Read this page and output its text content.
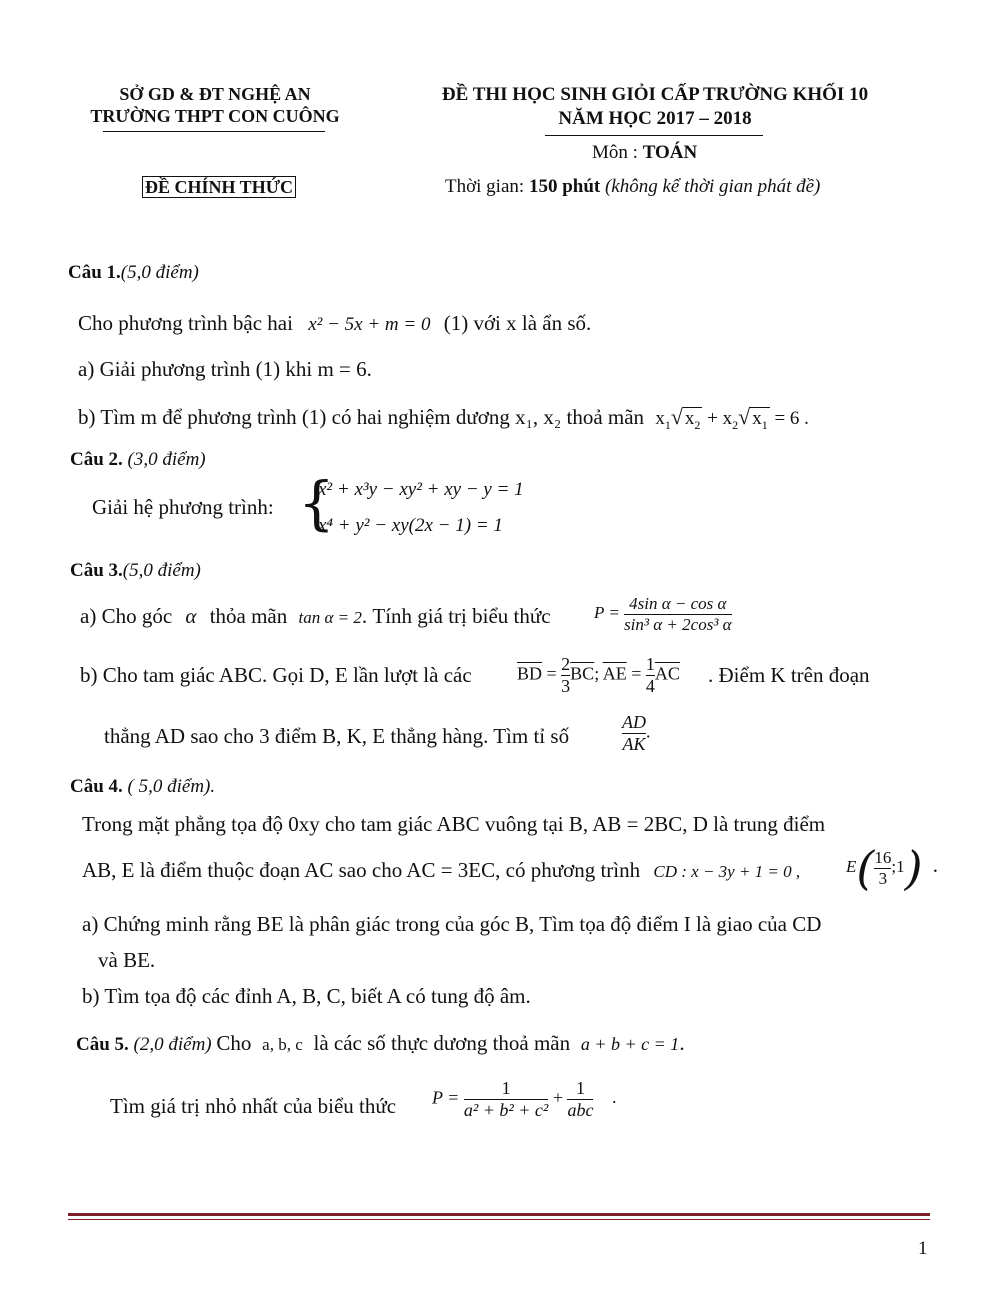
SỞ GD & ĐT NGHỆ AN
TRƯỜNG THPT CON CUÔNG
ĐỀ CHÍNH THỨC
ĐỀ THI HỌC SINH GIỎI CẤP TRƯỜNG KHỐI 10
NĂM HỌC 2017 – 2018
Môn : TOÁN
Thời gian: 150 phút (không kể thời gian phát đề)
Câu 1.(5,0 điểm)
Cho phương trình bậc hai x² − 5x + m = 0 (1) với x là ẩn số.
a) Giải phương trình (1) khi m = 6.
b) Tìm m để phương trình (1) có hai nghiệm dương x₁, x₂ thoả mãn $x_1√$ $x_2 + x_2√$ $x_1 = 6$ .
Câu 2. (3,0 điểm)
Giải hệ phương trình: {
x² + x³y − xy² + xy − y = 1
x⁴ + y² − xy(2x − 1) = 1
Câu 3.(5,0 điểm)
a) Cho góc α thỏa mãn tan α = 2. Tính giá trị biểu thức	$P = \frac{\text{4sin α − cos α}}{\text{sin³ α + 2cos³ α}}$
b) Cho tam giác ABC. Gọi D, E lần lượt là các	$\overline{BD} = \frac{2}{3} \overline{BC}$; $\overline{AE} = \frac{1}{4} \overline{AC}$ . Điểm K trên đoạn
thẳng AD sao cho 3 điểm B, K, E thẳng hàng. Tìm tỉ số	$\frac{AD}{AK}$ .
Câu 4. ( 5,0 điểm).
Trong mặt phẳng tọa độ 0xy cho tam giác ABC vuông tại B, AB = 2BC, D là trung điểm
AB, E là điểm thuộc đoạn AC sao cho AC = 3EC, có phương trình CD : x − 3y + 1 = 0 ,	$E( \frac{16}{3}$ ;1) .
a) Chứng minh rằng BE là phân giác trong của góc B, Tìm tọa độ điểm I là giao của CD
và BE.
b) Tìm tọa độ các đỉnh A, B, C, biết A có tung độ âm.
Câu 5. (2,0 điểm) Cho a, b, c là các số thực dương thoả mãn a + b + c = 1.
Tìm giá trị nhỏ nhất của biểu thức $P = \frac{1}{\text{a² + b² + c²}} + \frac{1}{\text{abc}}$ .
1
